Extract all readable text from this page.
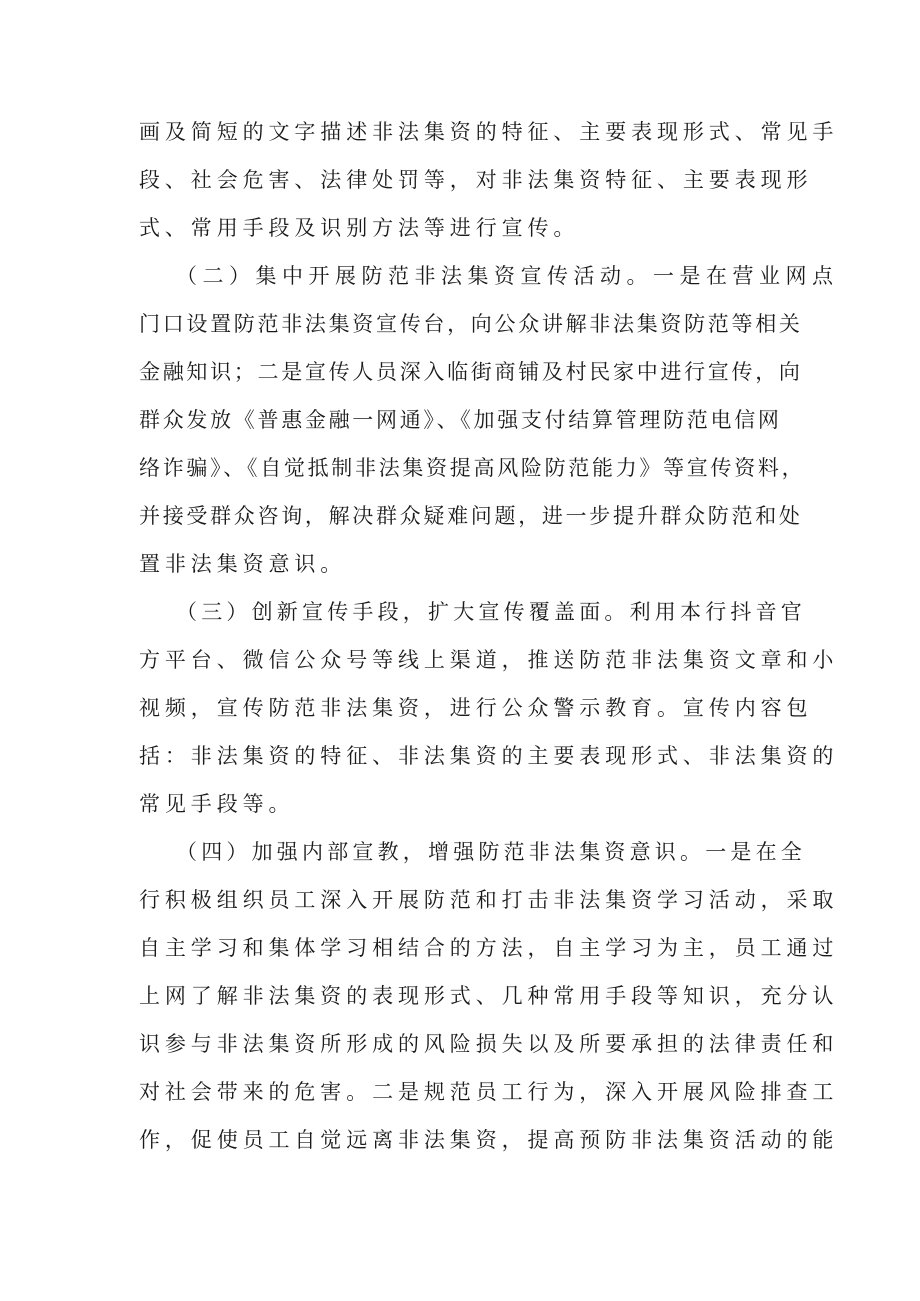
画及简短的文字描述非法集资的特征、主要表现形式、常见手
段、社会危害、法律处罚等，对非法集资特征、主要表现形
式、常用手段及识别方法等进行宣传。
（二）集中开展防范非法集资宣传活动。一是在营业网点
门口设置防范非法集资宣传台，向公众讲解非法集资防范等相关
金融知识；二是宣传人员深入临街商铺及村民家中进行宣传，向
群众发放《普惠金融一网通》、《加强支付结算管理防范电信网
络诈骗》、《自觉抵制非法集资提高风险防范能力》等宣传资料，
并接受群众咨询，解决群众疑难问题，进一步提升群众防范和处
置非法集资意识。
（三）创新宣传手段，扩大宣传覆盖面。利用本行抖音官
方平台、微信公众号等线上渠道，推送防范非法集资文章和小
视频，宣传防范非法集资，进行公众警示教育。宣传内容包
括：非法集资的特征、非法集资的主要表现形式、非法集资的
常见手段等。
（四）加强内部宣教，增强防范非法集资意识。一是在全
行积极组织员工深入开展防范和打击非法集资学习活动，采取
自主学习和集体学习相结合的方法，自主学习为主，员工通过
上网了解非法集资的表现形式、几种常用手段等知识，充分认
识参与非法集资所形成的风险损失以及所要承担的法律责任和
对社会带来的危害。二是规范员工行为，深入开展风险排查工
作，促使员工自觉远离非法集资，提高预防非法集资活动的能
